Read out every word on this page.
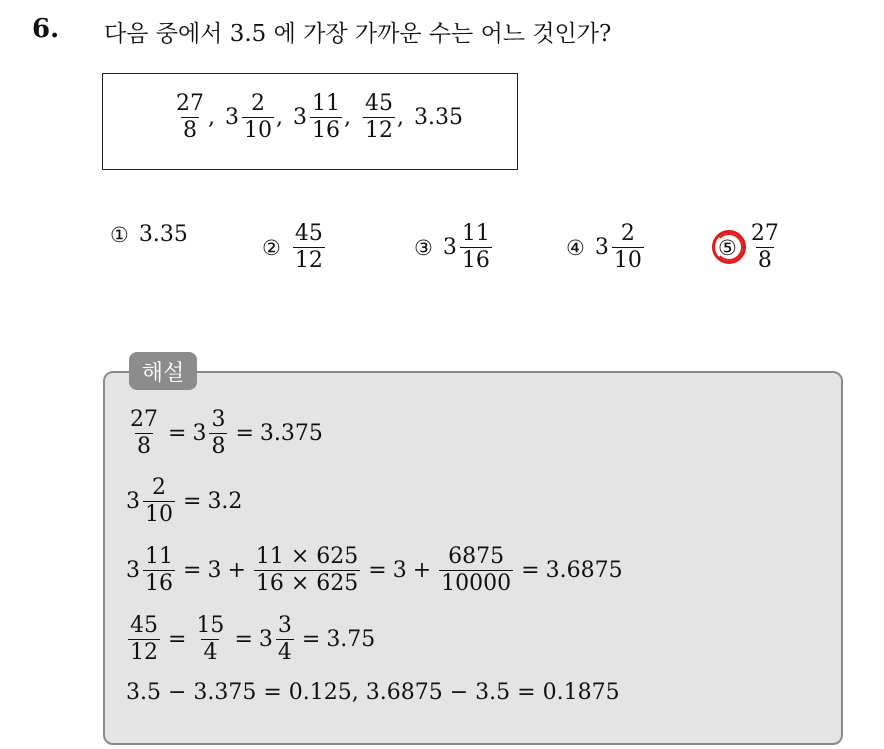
6. 다음 중에서 3.5 에 가장 가까운 수는 어느 것인가?
$\frac{27}{8}$ , $3 \frac{2}{10}$ , $3 \frac{11}{16}$ , $\frac{45}{12}$ , 3.35
① 3.35
② $\frac{45}{12}$	③ $3 \frac{11}{16}$	④ $3 \frac{2}{10}$	⑤ $\frac{27}{8}$
해설
$\frac{27}{8} = 3 \frac{3}{8} = 3.375$
$3 \frac{2}{10} = 3.2$
$3 \frac{11}{16} = 3 + \frac{11 \times 625}{16 \times 625} = 3 + \frac{6875}{10000} = 3.6875$
$\frac{45}{12} = \frac{15}{4} = 3 \frac{3}{4} = 3.75$
3.5 − 3.375 = 0.125, 3.6875 − 3.5 = 0.1875
